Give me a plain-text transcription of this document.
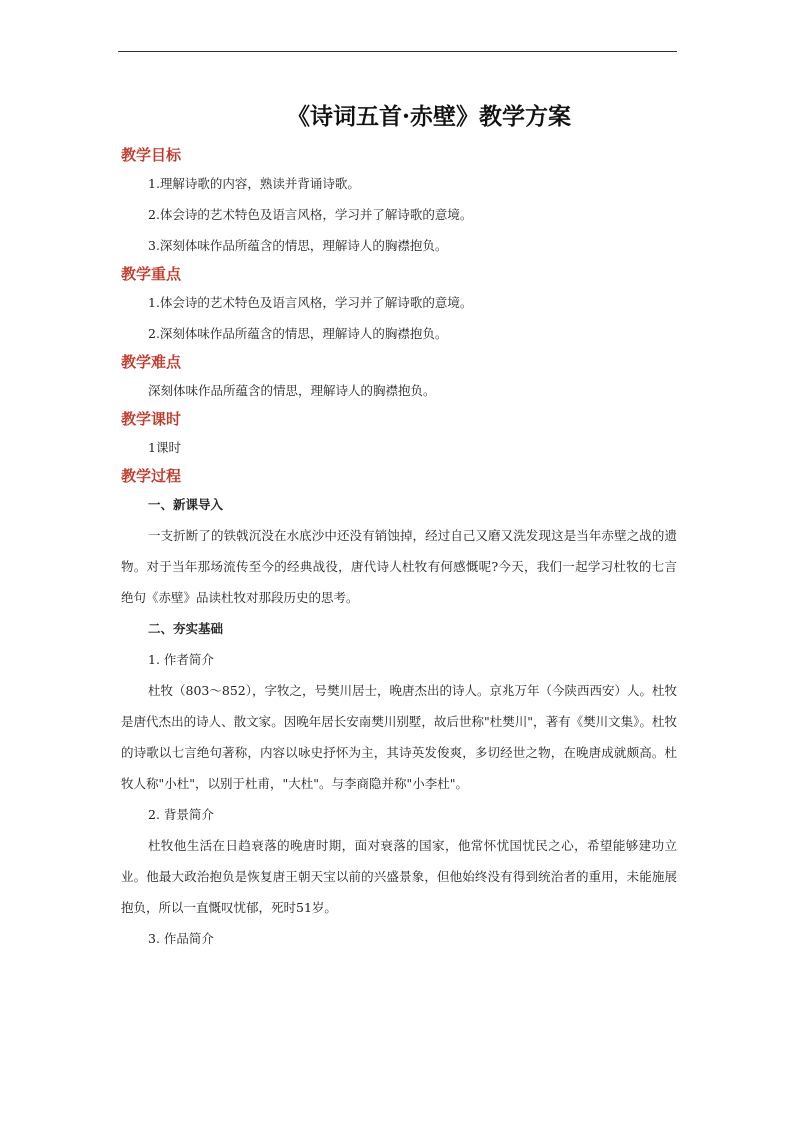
《诗词五首·赤壁》教学方案
教学目标

1.理解诗歌的内容，熟读并背诵诗歌。

2.体会诗的艺术特色及语言风格，学习并了解诗歌的意境。

3.深刻体味作品所蕴含的情思，理解诗人的胸襟抱负。

教学重点

1.体会诗的艺术特色及语言风格，学习并了解诗歌的意境。

2.深刻体味作品所蕴含的情思，理解诗人的胸襟抱负。

教学难点

深刻体味作品所蕴含的情思，理解诗人的胸襟抱负。

教学课时

1课时

教学过程

一、新课导入

一支折断了的铁戟沉没在水底沙中还没有销蚀掉，经过自己又磨又洗发现这是当年赤壁之战的遗物。对于当年那场流传至今的经典战役，唐代诗人杜牧有何感慨呢?今天，我们一起学习杜牧的七言绝句《赤壁》品读杜牧对那段历史的思考。

二、夯实基础

1. 作者简介

杜牧（803～852），字牧之，号樊川居士，晚唐杰出的诗人。京兆万年（今陕西西安）人。杜牧是唐代杰出的诗人、散文家。因晚年居长安南樊川别墅，故后世称"杜樊川"，著有《樊川文集》。杜牧的诗歌以七言绝句著称，内容以咏史抒怀为主，其诗英发俊爽，多切经世之物，在晚唐成就颇高。杜牧人称"小杜"，以别于杜甫，"大杜"。与李商隐并称"小李杜"。

2. 背景简介

杜牧他生活在日趋衰落的晚唐时期，面对衰落的国家，他常怀忧国忧民之心，希望能够建功立业。他最大政治抱负是恢复唐王朝天宝以前的兴盛景象，但他始终没有得到统治者的重用，未能施展抱负，所以一直慨叹忧郁，死时51岁。

3. 作品简介
